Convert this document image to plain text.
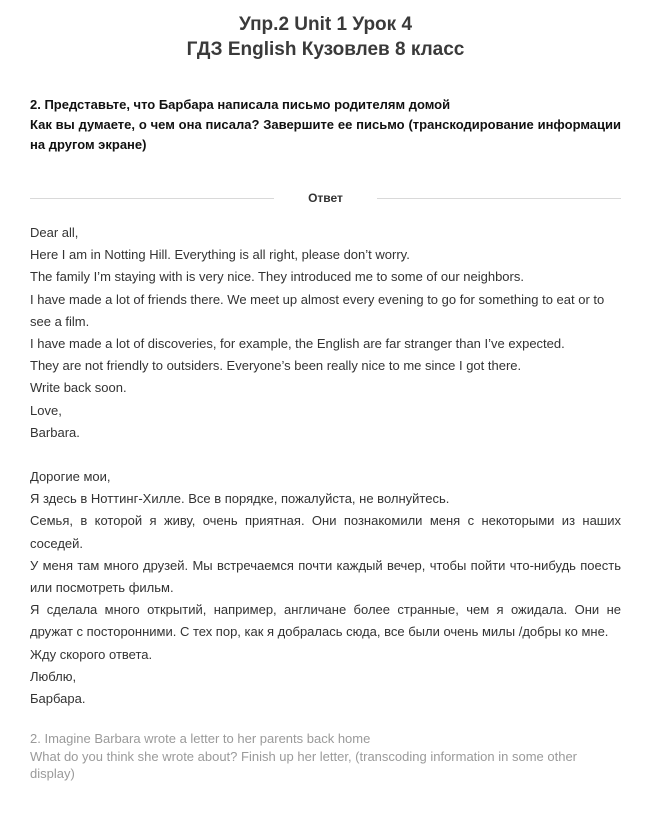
Упр.2 Unit 1 Урок 4
ГДЗ English Кузовлев 8 класс

2. Представьте, что Барбара написала письмо родителям домой

Как вы думаете, о чем она писала? Завершите ее письмо (транскодирование информации на другом экране)

Ответ

Dear all,

Here I am in Notting Hill. Everything is all right, please don’t worry.

The family I’m staying with is very nice. They introduced me to some of our neighbors.

I have made a lot of friends there. We meet up almost every evening to go for something to eat or to see a film.

I have made a lot of discoveries, for example, the English are far stranger than I’ve expected.

They are not friendly to outsiders. Everyone’s been really nice to me since I got there.

Write back soon.

Love,

Barbara.

Дорогие мои,

Я здесь в Ноттинг-Хилле. Все в порядке, пожалуйста, не волнуйтесь.

Семья, в которой я живу, очень приятная. Они познакомили меня с некоторыми из наших соседей.

У меня там много друзей. Мы встречаемся почти каждый вечер, чтобы пойти что-нибудь поесть или посмотреть фильм.

Я сделала много открытий, например, англичане более странные, чем я ожидала. Они не дружат с посторонними. С тех пор, как я добралась сюда, все были очень милы /добры ко мне.

Жду скорого ответа.

Люблю,

Барбара.

2. Imagine Barbara wrote a letter to her parents back home

What do you think she wrote about? Finish up her letter, (transcoding information in some other display)
